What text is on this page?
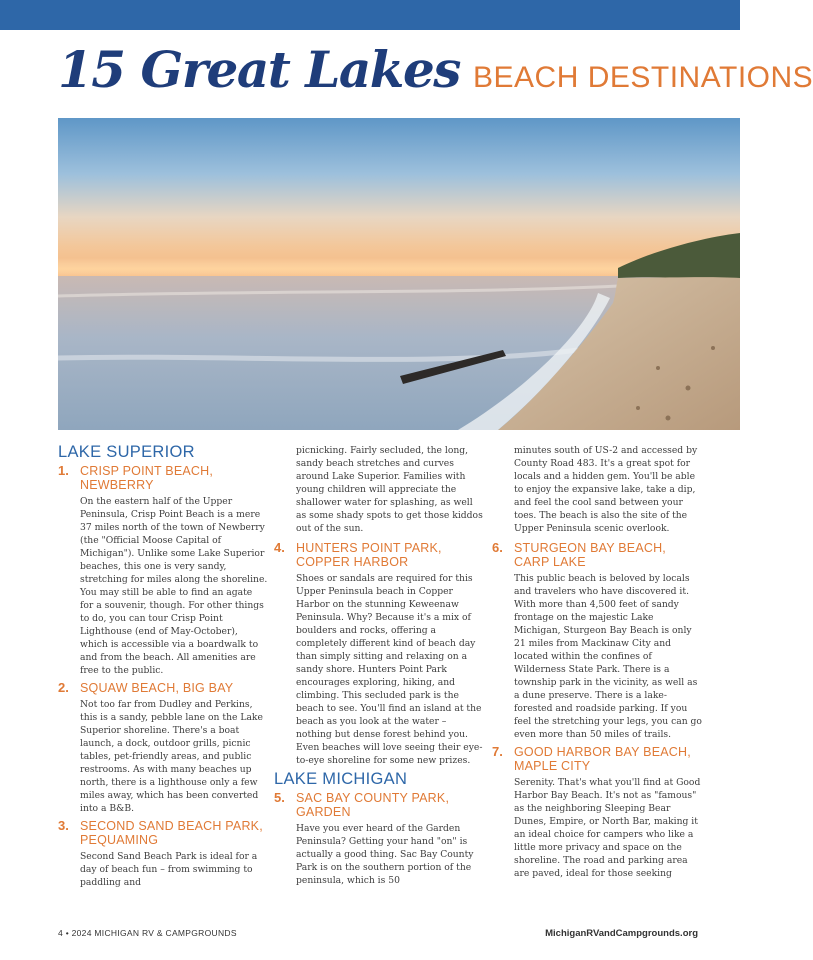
15 Great Lakes BEACH DESTINATIONS
LAKE SUPERIOR
1. CRISP POINT BEACH, NEWBERRY

On the eastern half of the Upper Peninsula, Crisp Point Beach is a mere 37 miles north of the town of Newberry (the "Official Moose Capital of Michigan"). Unlike some Lake Superior beaches, this one is very sandy, stretching for miles along the shoreline. You may still be able to find an agate for a souvenir, though. For other things to do, you can tour Crisp Point Lighthouse (end of May-October), which is accessible via a boardwalk to and from the beach. All amenities are free to the public.

2. SQUAW BEACH, BIG BAY

Not too far from Dudley and Perkins, this is a sandy, pebble lane on the Lake Superior shoreline. There's a boat launch, a dock, outdoor grills, picnic tables, pet-friendly areas, and public restrooms. As with many beaches up north, there is a lighthouse only a few miles away, which has been converted into a B&B.

3. SECOND SAND BEACH PARK, PEQUAMING

Second Sand Beach Park is ideal for a day of beach fun – from swimming to paddling and

picnicking. Fairly secluded, the long, sandy beach stretches and curves around Lake Superior. Families with young children will appreciate the shallower water for splashing, as well as some shady spots to get those kiddos out of the sun.

4. HUNTERS POINT PARK, COPPER HARBOR

Shoes or sandals are required for this Upper Peninsula beach in Copper Harbor on the stunning Keweenaw Peninsula. Why? Because it's a mix of boulders and rocks, offering a completely different kind of beach day than simply sitting and relaxing on a sandy shore. Hunters Point Park encourages exploring, hiking, and climbing. This secluded park is the beach to see. You'll find an island at the beach as you look at the water – nothing but dense forest behind you. Even beaches will love seeing their eye-to-eye shoreline for some new prizes.

LAKE MICHIGAN
5. SAC BAY COUNTY PARK, GARDEN

Have you ever heard of the Garden Peninsula? Getting your hand "on" is actually a good thing. Sac Bay County Park is on the southern portion of the peninsula, which is 50

minutes south of US-2 and accessed by County Road 483. It's a great spot for locals and a hidden gem. You'll be able to enjoy the expansive lake, take a dip, and feel the cool sand between your toes. The beach is also the site of the Upper Peninsula scenic overlook.

6. STURGEON BAY BEACH, CARP LAKE

This public beach is beloved by locals and travelers who have discovered it. With more than 4,500 feet of sandy frontage on the majestic Lake Michigan, Sturgeon Bay Beach is only 21 miles from Mackinaw City and located within the confines of Wilderness State Park. There is a township park in the vicinity, as well as a dune preserve. There is a lake-forested and roadside parking. If you feel the stretching your legs, you can go even more than 50 miles of trails.

7. GOOD HARBOR BAY BEACH, MAPLE CITY

Serenity. That's what you'll find at Good Harbor Bay Beach. It's not as "famous" as the neighboring Sleeping Bear Dunes, Empire, or North Bar, making it an ideal choice for campers who like a little more privacy and space on the shoreline. The road and parking area are paved, ideal for those seeking

4 • 2024 MICHIGAN RV & CAMPGROUNDS	MichiganRVandCampgrounds.org
